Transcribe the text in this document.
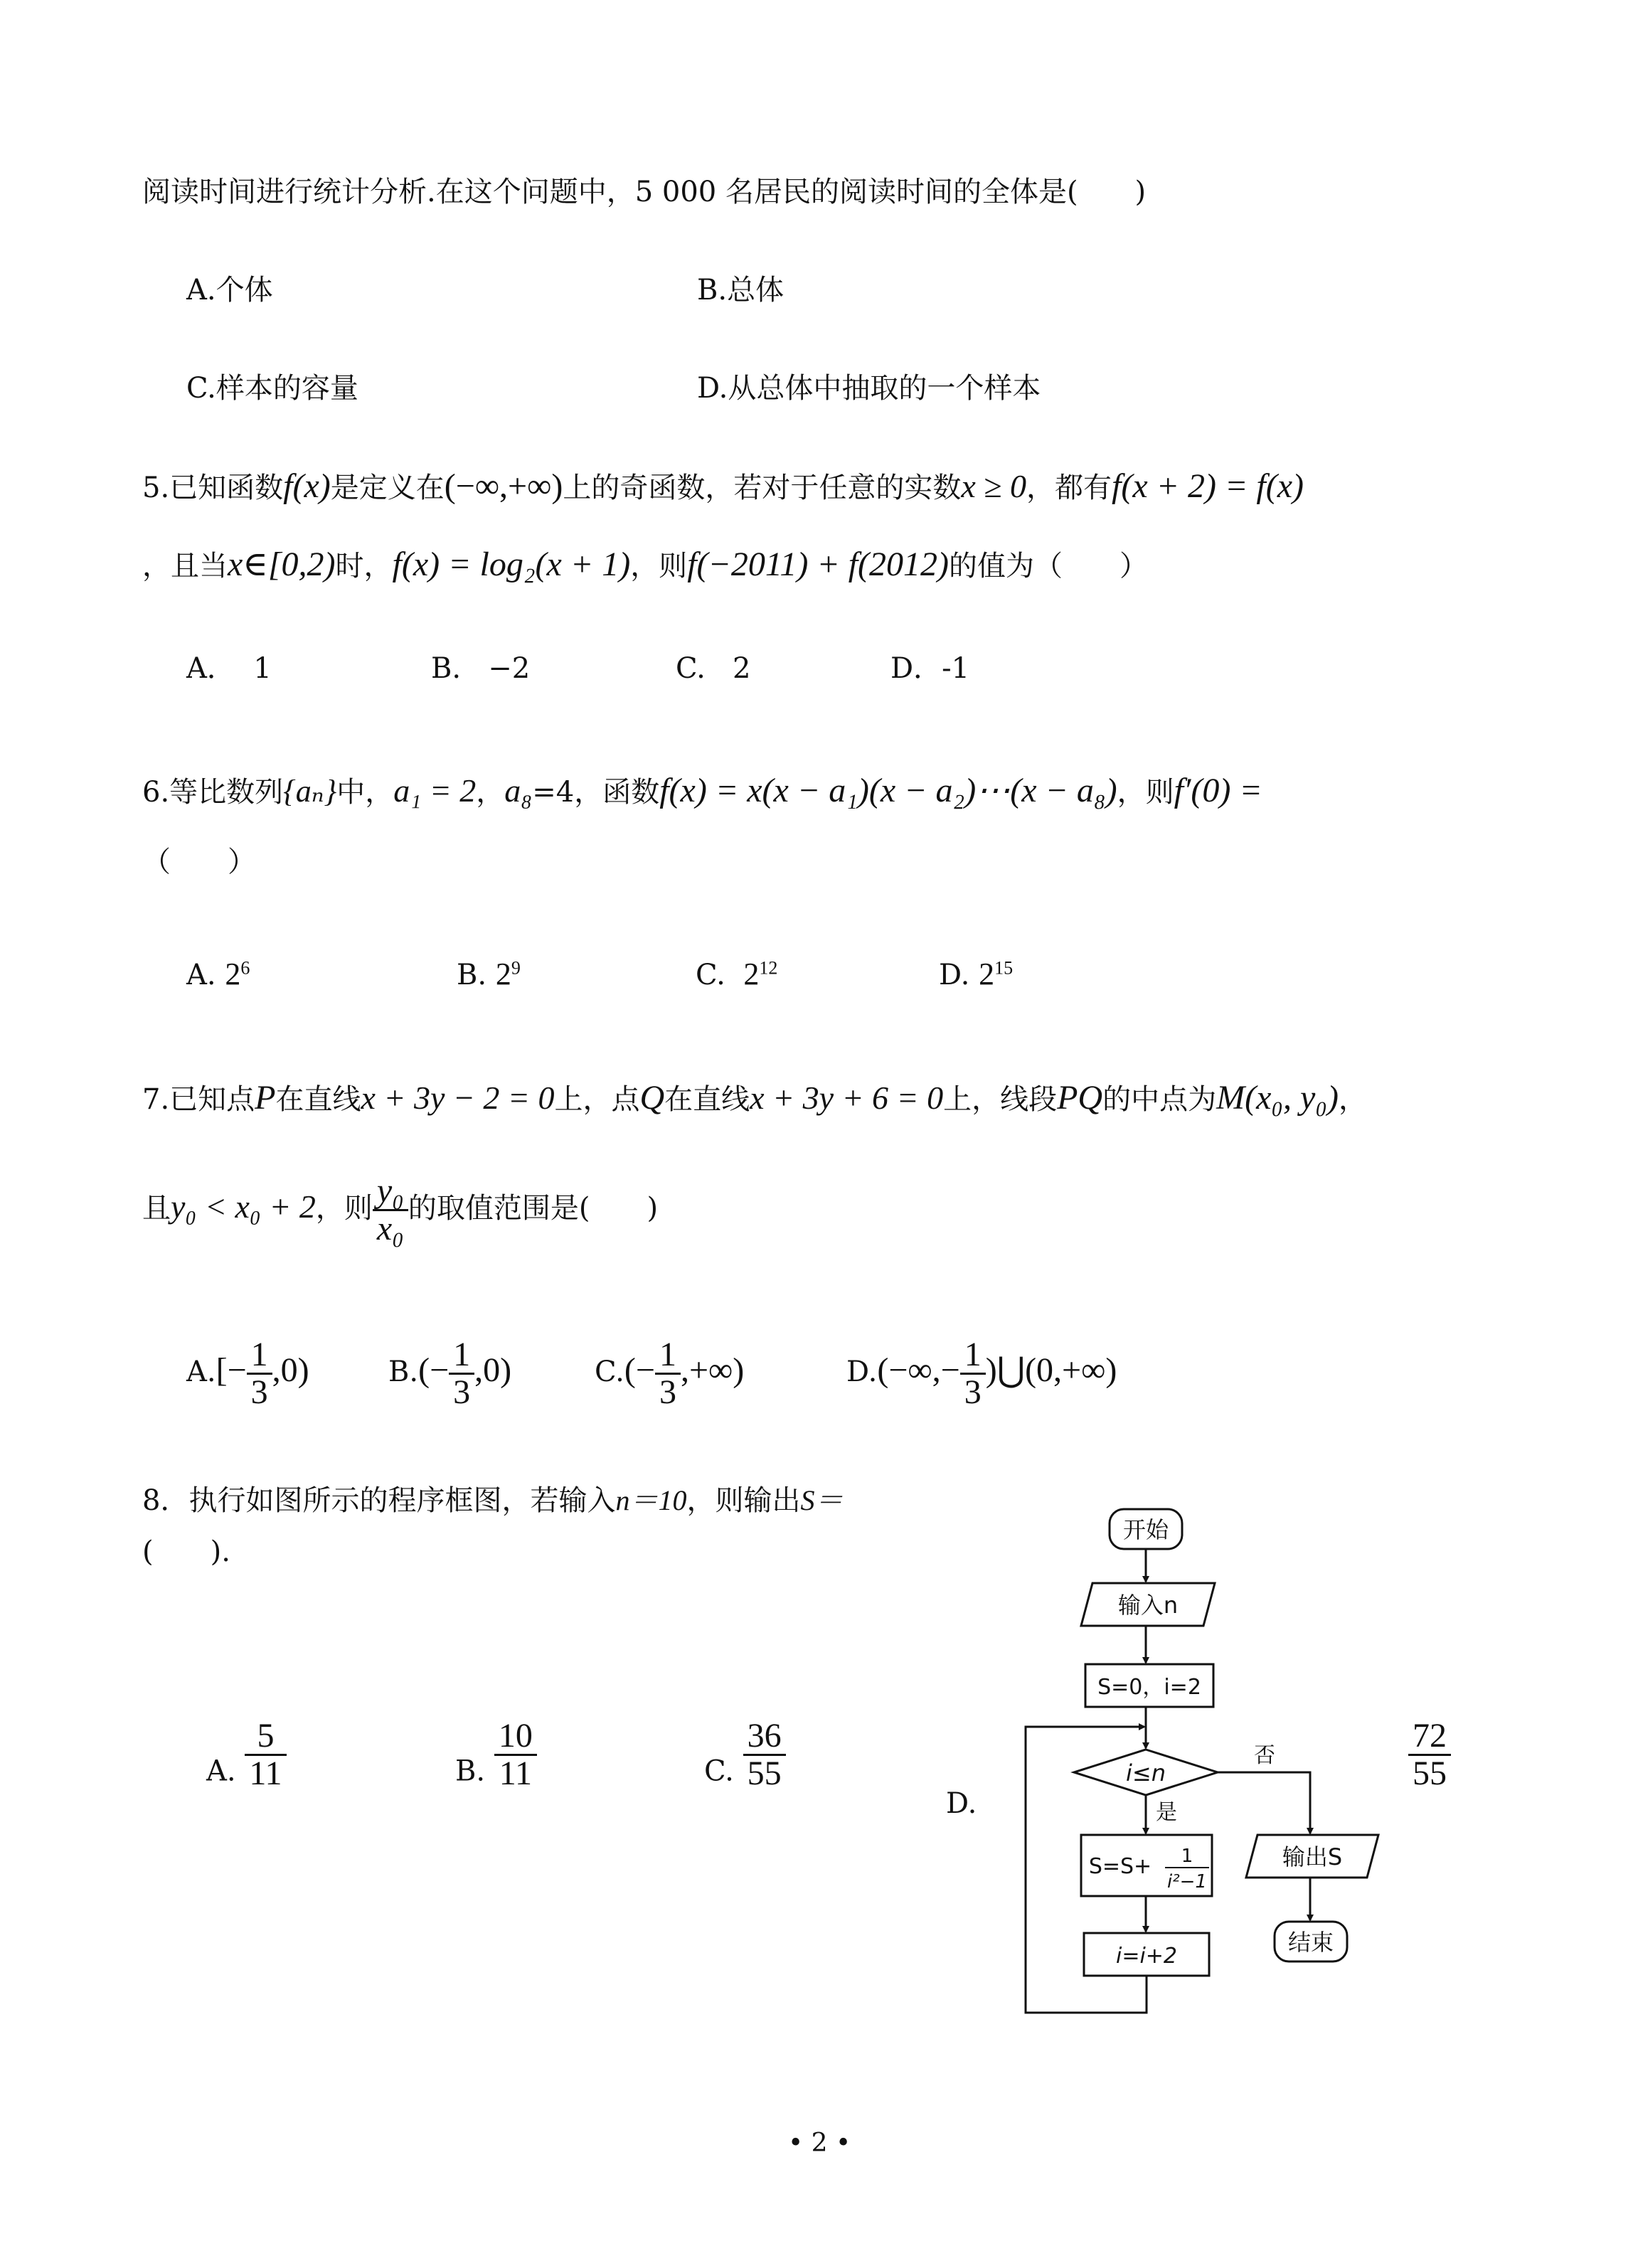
阅读时间进行统计分析.在这个问题中，5 000 名居民的阅读时间的全体是(　　)
A.个体	B.总体
C.样本的容量	D.从总体中抽取的一个样本
5.已知函数f(x)是定义在(−∞,+∞)上的奇函数，若对于任意的实数x ≥ 0，都有f(x + 2) = f(x)
，且当x∈[0,2)时，f(x) = log₂(x + 1)，则f(−2011) + f(2012)的值为（　　）
A．  1	B.   −2	C.   2	D．-1
6.等比数列{aₙ}中，a₁ = 2，a₈=4，函数f(x) = x(x − a₁)(x − a₂)⋯(x − a₈)，则f′(0) =
（　　）
A. $2^6$	B. $2^9$	C. $2^{12}$	D. $2^{15}$
7.已知点P在直线x + 3y − 2 = 0上，点Q在直线x + 3y + 6 = 0上，线段PQ的中点为M(x₀, y₀)，
且y₀ < x₀ + 2，则 $\frac{\text{y₀}}{\text{x₀}}$ 的取值范围是(　　)
$A.[- \frac{1}{3} ,0)$	$B.(- \frac{1}{3} ,0)$	$C.(- \frac{1}{3}$ ,+∞)	$D.(-\infty,- \frac{1}{3}$ )⋃(0,+∞)
8．执行如图所示的程序框图，若输入n＝10，则输出S＝
(　　).
A. $\frac{5}{11}$	B. $\frac{10}{11}$	C. $\frac{36}{55}$
D.
$\frac{72}{55}$
开始
输入n
S=0，i=2
i≤n
否
是
S=S+ 1
i²−1
i=i+2
输出S
结束
• 2 •
